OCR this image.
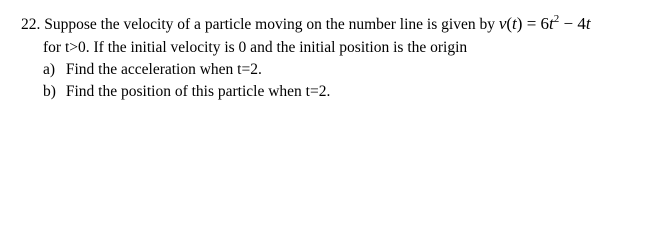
22. Suppose the velocity of a particle moving on the number line is given by $v(t) = 6t^2 - 4t$
for t>0. If the initial velocity is 0 and the initial position is the origin
a) Find the acceleration when t=2.
b) Find the position of this particle when t=2.
